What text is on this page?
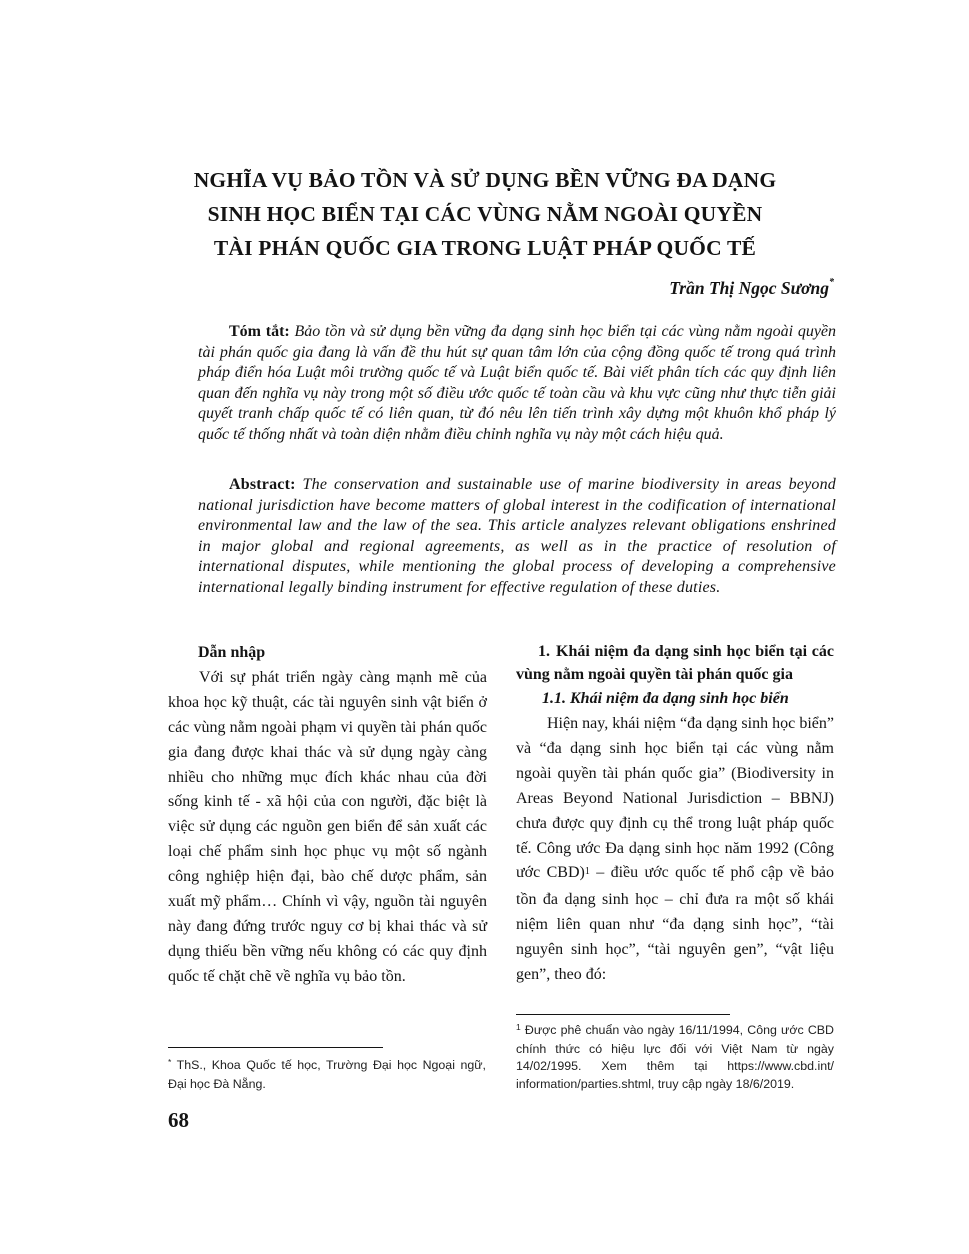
NGHĨA VỤ BẢO TỒN VÀ SỬ DỤNG BỀN VỮNG ĐA DẠNG
SINH HỌC BIỂN TẠI CÁC VÙNG NẰM NGOÀI QUYỀN
TÀI PHÁN QUỐC GIA TRONG LUẬT PHÁP QUỐC TẾ
Trần Thị Ngọc Sương*
Tóm tắt: Bảo tồn và sử dụng bền vững đa dạng sinh học biển tại các vùng nằm ngoài quyền tài phán quốc gia đang là vấn đề thu hút sự quan tâm lớn của cộng đồng quốc tế trong quá trình pháp điển hóa Luật môi trường quốc tế và Luật biển quốc tế. Bài viết phân tích các quy định liên quan đến nghĩa vụ này trong một số điều ước quốc tế toàn cầu và khu vực cũng như thực tiễn giải quyết tranh chấp quốc tế có liên quan, từ đó nêu lên tiến trình xây dựng một khuôn khổ pháp lý quốc tế thống nhất và toàn diện nhằm điều chỉnh nghĩa vụ này một cách hiệu quả.
Abstract: The conservation and sustainable use of marine biodiversity in areas beyond national jurisdiction have become matters of global interest in the codification of international environmental law and the law of the sea. This article analyzes relevant obligations enshrined in major global and regional agreements, as well as in the practice of resolution of international disputes, while mentioning the global process of developing a comprehensive international legally binding instrument for effective regulation of these duties.

Dẫn nhập

Với sự phát triển ngày càng mạnh mẽ của khoa học kỹ thuật, các tài nguyên sinh vật biển ở các vùng nằm ngoài phạm vi quyền tài phán quốc gia đang được khai thác và sử dụng ngày càng nhiều cho những mục đích khác nhau của đời sống kinh tế - xã hội của con người, đặc biệt là việc sử dụng các nguồn gen biển để sản xuất các loại chế phẩm sinh học phục vụ một số ngành công nghiệp hiện đại, bào chế dược phẩm, sản xuất mỹ phẩm… Chính vì vậy, nguồn tài nguyên này đang đứng trước nguy cơ bị khai thác và sử dụng thiếu bền vững nếu không có các quy định quốc tế chặt chẽ về nghĩa vụ bảo tồn.

1. Khái niệm đa dạng sinh học biển tại các vùng nằm ngoài quyền tài phán quốc gia

1.1. Khái niệm đa dạng sinh học biển

Hiện nay, khái niệm “đa dạng sinh học biển” và “đa dạng sinh học biển tại các vùng nằm ngoài quyền tài phán quốc gia” (Biodiversity in Areas Beyond National Jurisdiction – BBNJ) chưa được quy định cụ thể trong luật pháp quốc tế. Công ước Đa dạng sinh học năm 1992 (Công ước CBD)$^1$ – điều ước quốc tế phổ cập về bảo tồn đa dạng sinh học – chỉ đưa ra một số khái niệm liên quan như “đa dạng sinh học”, “tài nguyên sinh học”, “tài nguyên gen”, “vật liệu gen”, theo đó:

$^1$ Được phê chuẩn vào ngày 16/11/1994, Công ước CBD chính thức có hiệu lực đối với Việt Nam từ ngày 14/02/1995. Xem thêm tại https://www.cbd.int/ information/parties.shtml, truy cập ngày 18/6/2019.
* ThS., Khoa Quốc tế học, Trường Đại học Ngoại ngữ, Đại học Đà Nẵng.
68
